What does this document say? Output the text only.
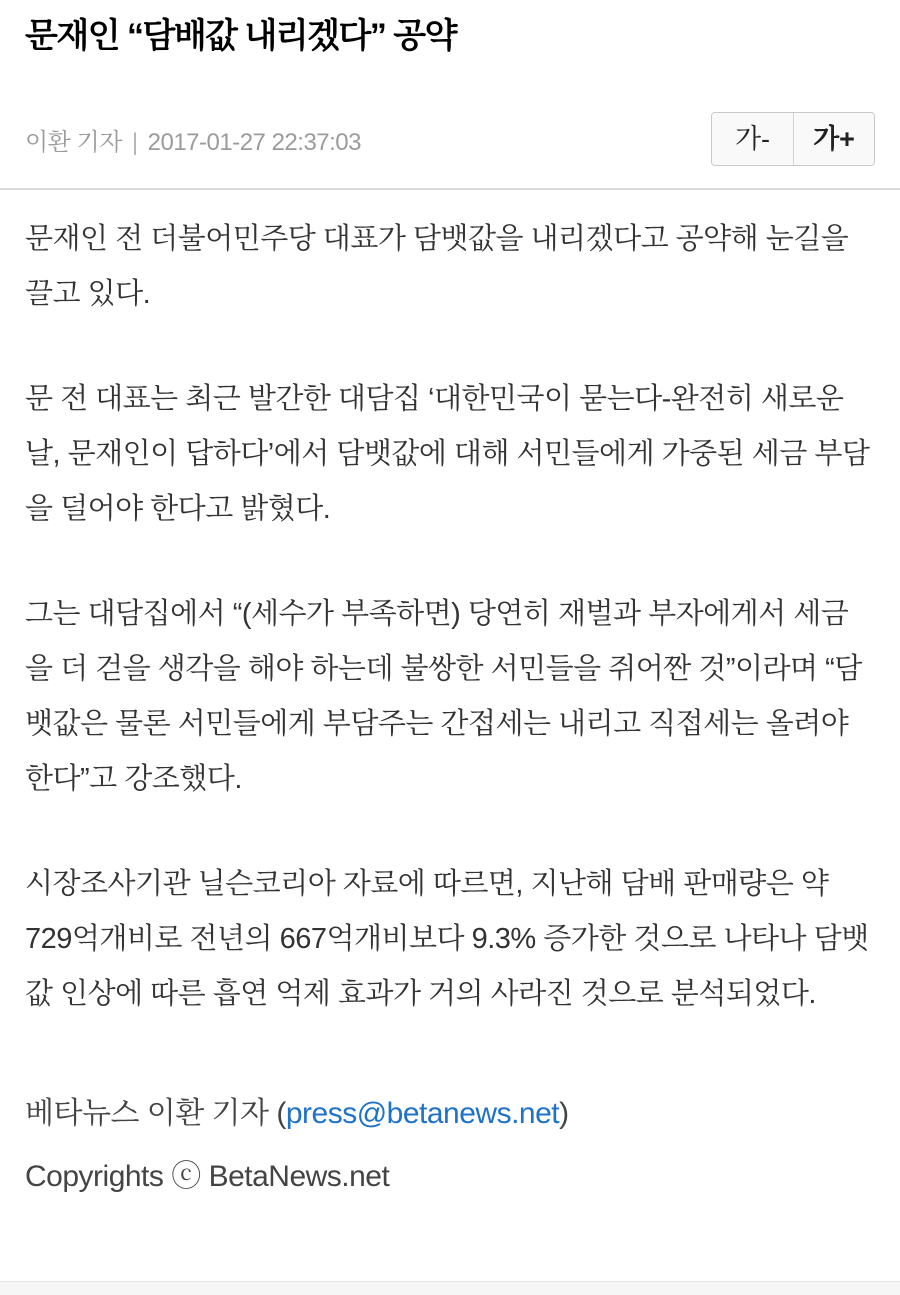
문재인 “담배값 내리겠다” 공약
이환 기자 | 2017-01-27 22:37:03	가-	가+

문재인 전 더불어민주당 대표가 담뱃값을 내리겠다고 공약해 눈길을 끌고 있다.

문 전 대표는 최근 발간한 대담집 ‘대한민국이 묻는다-완전히 새로운 날, 문재인이 답하다’에서 담뱃값에 대해 서민들에게 가중된 세금 부담을 덜어야 한다고 밝혔다.

그는 대담집에서 “(세수가 부족하면) 당연히 재벌과 부자에게서 세금을 더 걷을 생각을 해야 하는데 불쌍한 서민들을 쥐어짠 것”이라며 “담뱃값은 물론 서민들에게 부담주는 간접세는 내리고 직접세는 올려야 한다”고 강조했다.

시장조사기관 닐슨코리아 자료에 따르면, 지난해 담배 판매량은 약 729억개비로 전년의 667억개비보다 9.3% 증가한 것으로 나타나 담뱃값 인상에 따른 흡연 억제 효과가 거의 사라진 것으로 분석되었다.

베타뉴스 이환 기자 (press@betanews.net)
Copyrights ⓒ BetaNews.net
